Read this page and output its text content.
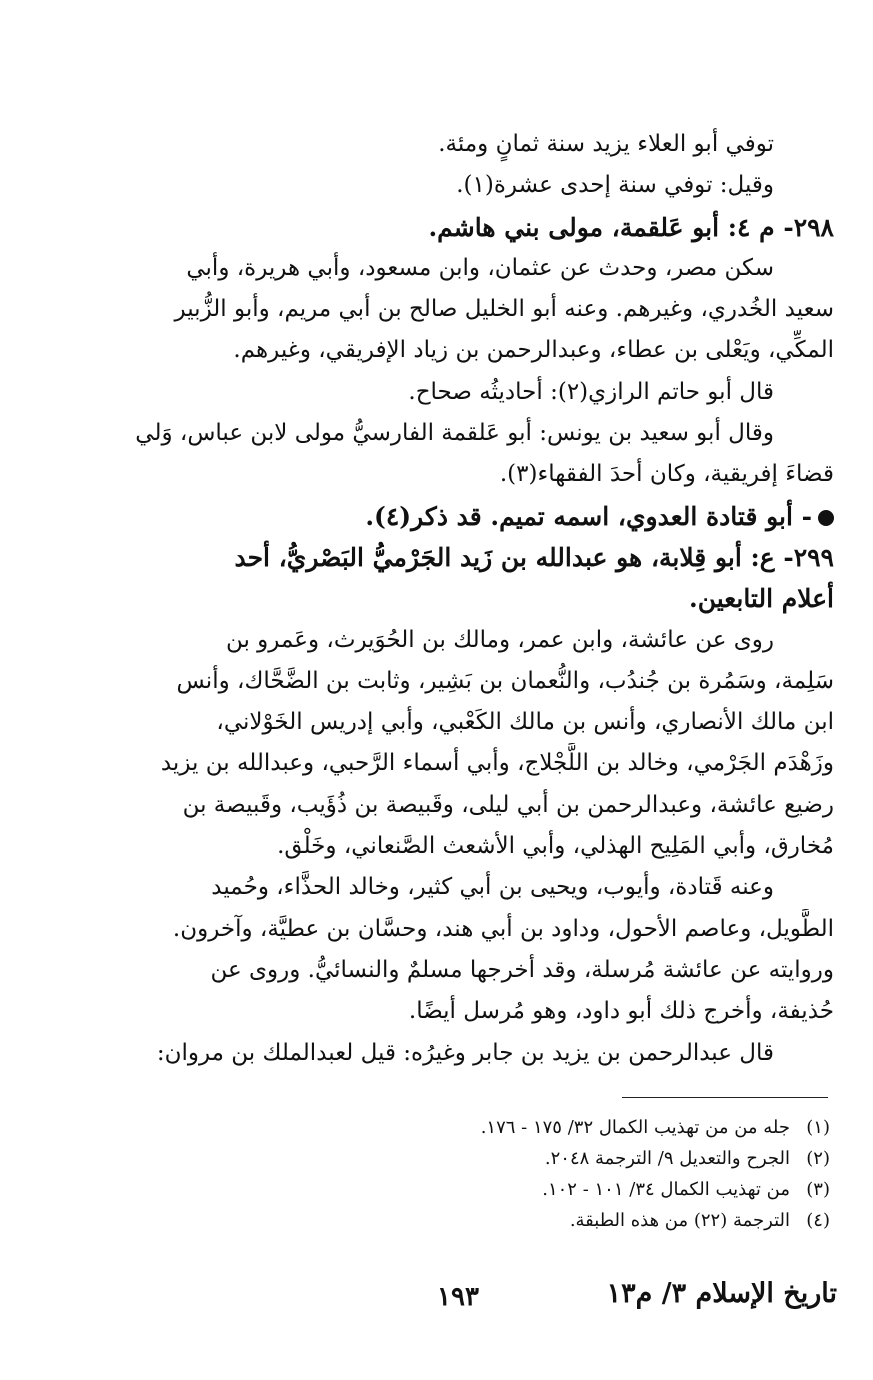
توفي أبو العلاء يزيد سنة ثمانٍ ومئة.
وقيل: توفي سنة إحدى عشرة(١).
٢٩٨- م ٤: أبو عَلقمة، مولى بني هاشم.
سكن مصر، وحدث عن عثمان، وابن مسعود، وأبي هريرة، وأبي
سعيد الخُدري، وغيرهم. وعنه أبو الخليل صالح بن أبي مريم، وأبو الزُّبير
المكِّي، ويَعْلى بن عطاء، وعبدالرحمن بن زياد الإفريقي، وغيرهم.
قال أبو حاتم الرازي(٢): أحاديثُه صحاح.
وقال أبو سعيد بن يونس: أبو عَلقمة الفارسيُّ مولى لابن عباس، وَلي
قضاءَ إفريقية، وكان أحدَ الفقهاء(٣).
- أبو قتادة العدوي، اسمه تميم. قد ذكر(٤).
٢٩٩- ع: أبو قِلابة، هو عبدالله بن زَيد الجَرْميُّ البَصْريُّ، أحد
أعلام التابعين.
روى عن عائشة، وابن عمر، ومالك بن الحُوَيرث، وعَمرو بن
سَلِمة، وسَمُرة بن جُندُب، والنُّعمان بن بَشِير، وثابت بن الضَّحَّاك، وأنس
ابن مالك الأنصاري، وأنس بن مالك الكَعْبي، وأبي إدريس الخَوْلاني،
وزَهْدَم الجَرْمي، وخالد بن اللَّجْلاج، وأبي أسماء الرَّحبي، وعبدالله بن يزيد
رضيع عائشة، وعبدالرحمن بن أبي ليلى، وقَبيصة بن ذُؤَيب، وقَبيصة بن
مُخارق، وأبي المَلِيح الهذلي، وأبي الأشعث الصَّنعاني، وخَلْق.
وعنه قَتادة، وأيوب، ويحيى بن أبي كثير، وخالد الحذَّاء، وحُميد
الطَّويل، وعاصم الأحول، وداود بن أبي هند، وحسَّان بن عطيَّة، وآخرون.
وروايته عن عائشة مُرسلة، وقد أخرجها مسلمٌ والنسائيُّ. وروى عن
حُذيفة، وأخرج ذلك أبو داود، وهو مُرسل أيضًا.
قال عبدالرحمن بن يزيد بن جابر وغيرُه: قيل لعبدالملك بن مروان:
(١)جله من من تهذيب الكمال ٣٢/ ١٧٥ - ١٧٦.
(٢)الجرح والتعديل ٩/ الترجمة ٢٠٤٨.
(٣)من تهذيب الكمال ٣٤/ ١٠١ - ١٠٢.
(٤)الترجمة (٢٢) من هذه الطبقة.
تاريخ الإسلام ٣/ م١٣
١٩٣
